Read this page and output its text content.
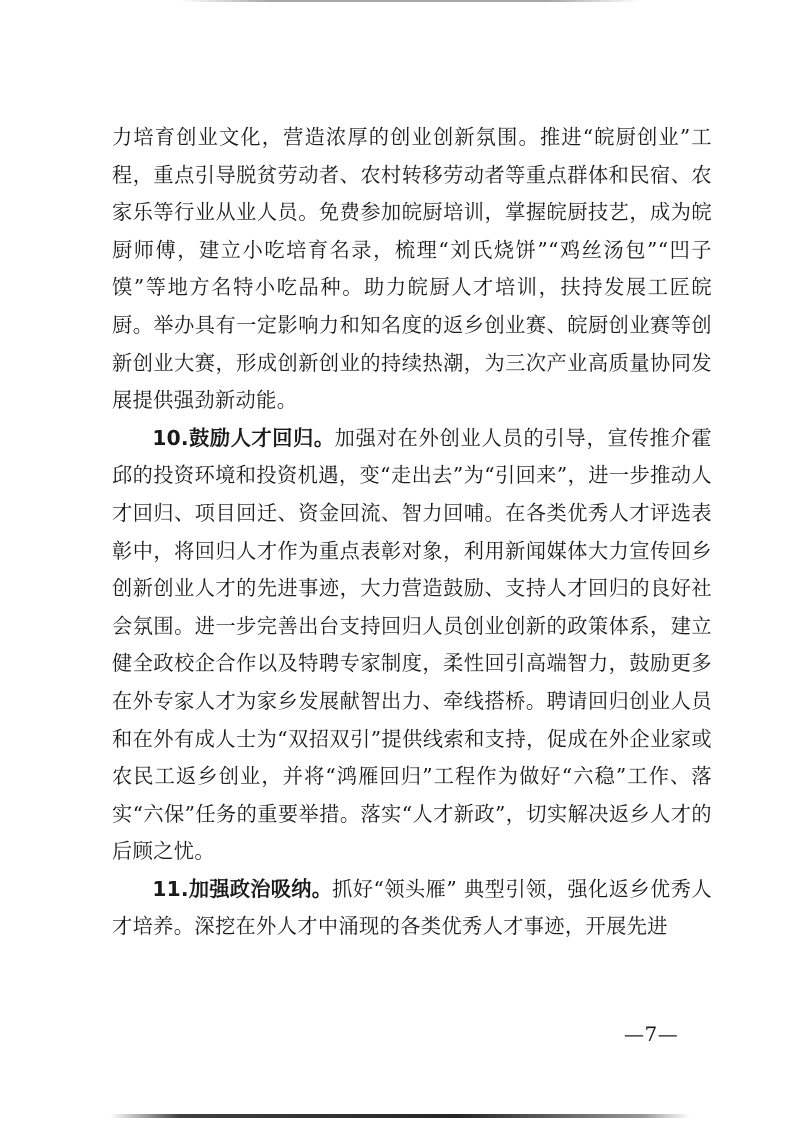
力培育创业文化，营造浓厚的创业创新氛围。推进“皖厨创业”工程，重点引导脱贫劳动者、农村转移劳动者等重点群体和民宿、农家乐等行业从业人员。免费参加皖厨培训，掌握皖厨技艺，成为皖厨师傅，建立小吃培育名录，梳理“刘氏烧饼”“鸡丝汤包”“凹子馍”等地方名特小吃品种。助力皖厨人才培训，扶持发展工匠皖厨。举办具有一定影响力和知名度的返乡创业赛、皖厨创业赛等创新创业大赛，形成创新创业的持续热潮，为三次产业高质量协同发展提供强劲新动能。

10.鼓励人才回归。加强对在外创业人员的引导，宣传推介霍邱的投资环境和投资机遇，变“走出去”为“引回来”，进一步推动人才回归、项目回迁、资金回流、智力回哺。在各类优秀人才评选表彰中，将回归人才作为重点表彰对象，利用新闻媒体大力宣传回乡创新创业人才的先进事迹，大力营造鼓励、支持人才回归的良好社会氛围。进一步完善出台支持回归人员创业创新的政策体系，建立健全政校企合作以及特聘专家制度，柔性回引高端智力，鼓励更多在外专家人才为家乡发展献智出力、牵线搭桥。聘请回归创业人员和在外有成人士为“双招双引”提供线索和支持，促成在外企业家或农民工返乡创业，并将“鸿雁回归”工程作为做好“六稳”工作、落实“六保”任务的重要举措。落实“人才新政”，切实解决返乡人才的后顾之忧。

11.加强政治吸纳。抓好“领头雁” 典型引领，强化返乡优秀人才培养。深挖在外人才中涌现的各类优秀人才事迹，开展先进

—7—
